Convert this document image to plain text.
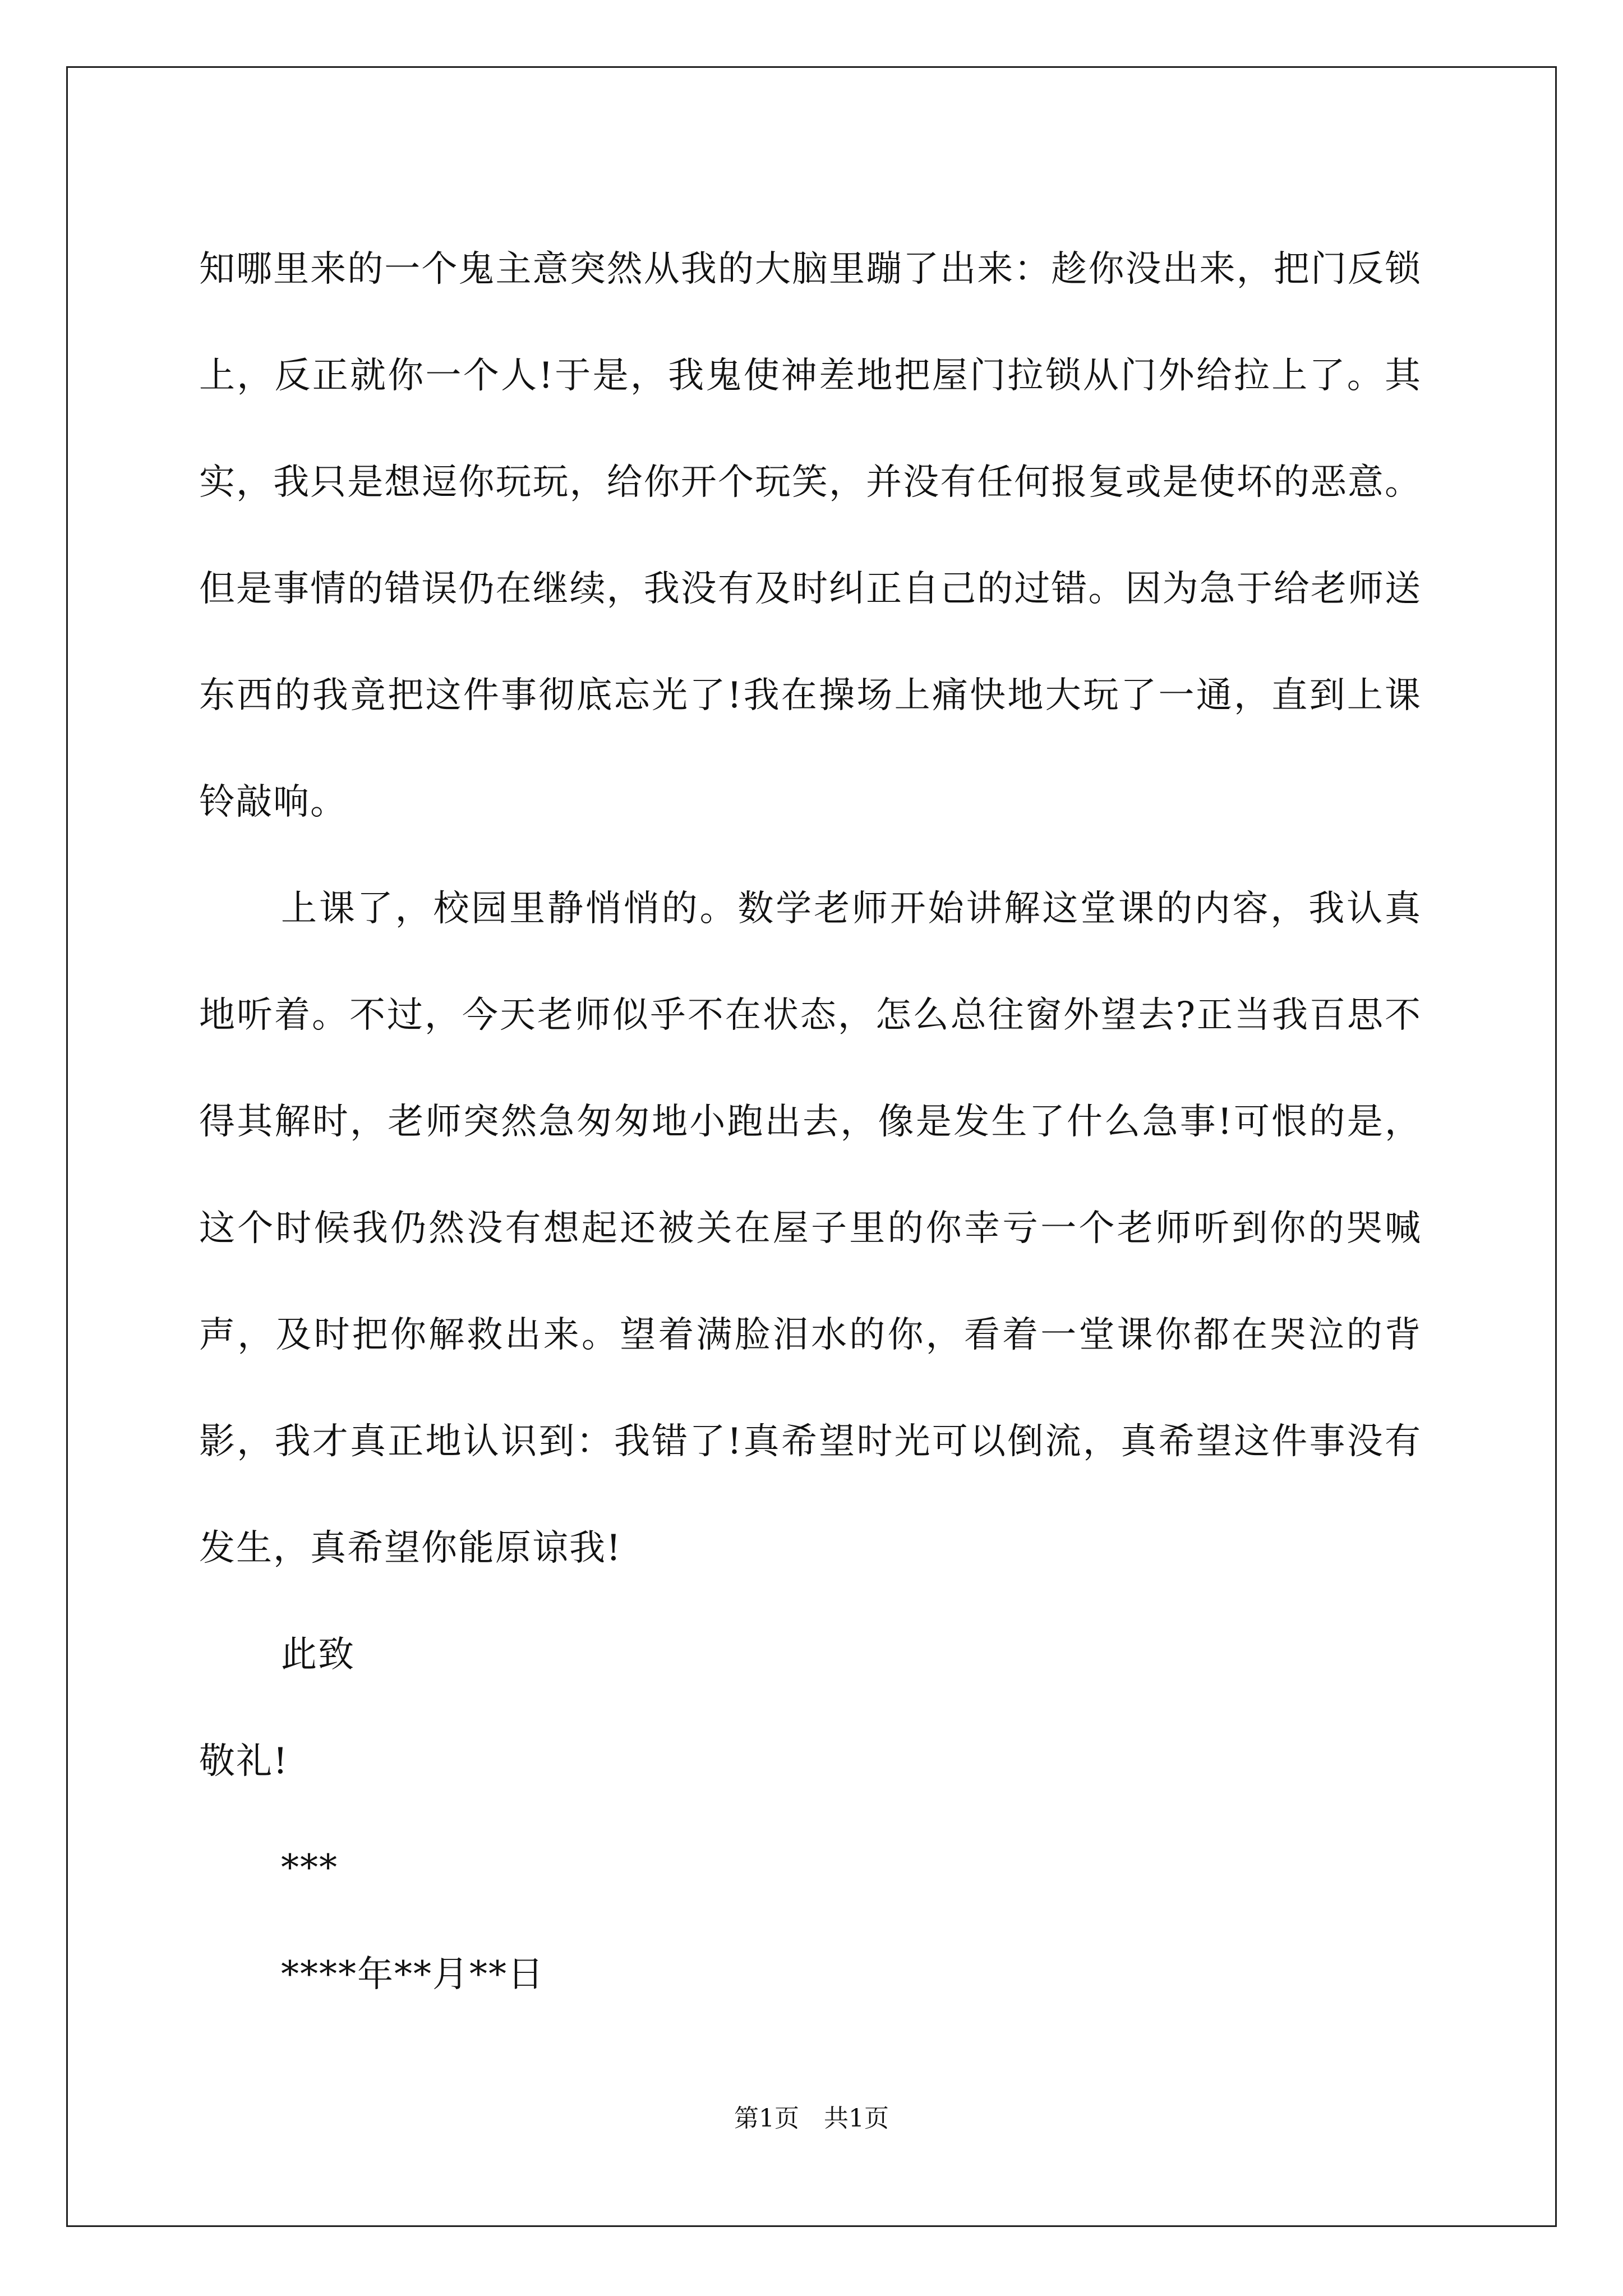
知哪里来的一个鬼主意突然从我的大脑里蹦了出来：趁你没出来，把门反锁上，反正就你一个人!于是，我鬼使神差地把屋门拉锁从门外给拉上了。其实，我只是想逗你玩玩，给你开个玩笑，并没有任何报复或是使坏的恶意。但是事情的错误仍在继续，我没有及时纠正自己的过错。因为急于给老师送东西的我竟把这件事彻底忘光了!我在操场上痛快地大玩了一通，直到上课铃敲响。

上课了，校园里静悄悄的。数学老师开始讲解这堂课的内容，我认真地听着。不过，今天老师似乎不在状态，怎么总往窗外望去?正当我百思不得其解时，老师突然急匆匆地小跑出去，像是发生了什么急事!可恨的是，这个时候我仍然没有想起还被关在屋子里的你幸亏一个老师听到你的哭喊声，及时把你解救出来。望着满脸泪水的你，看着一堂课你都在哭泣的背影，我才真正地认识到：我错了!真希望时光可以倒流，真希望这件事没有发生，真希望你能原谅我!

此致

敬礼!

***

****年**月**日

第1页　共1页
